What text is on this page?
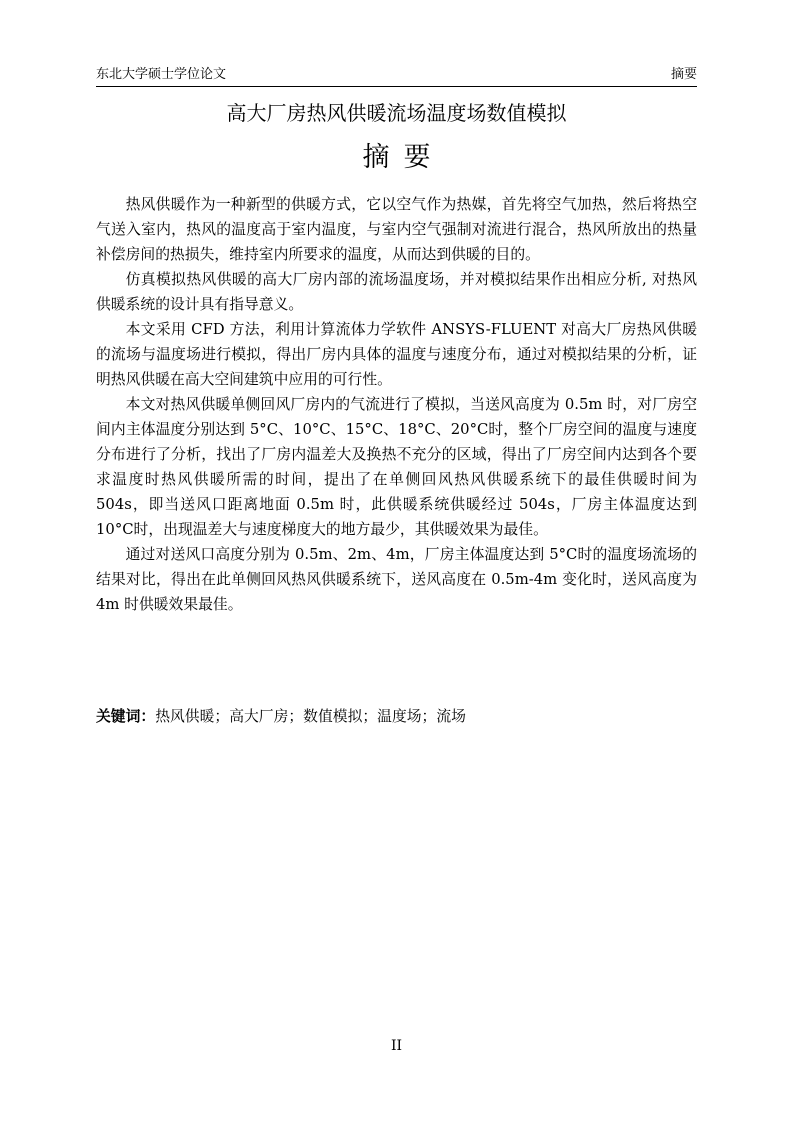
东北大学硕士学位论文	摘要
高大厂房热风供暖流场温度场数值模拟
摘要

热风供暖作为一种新型的供暖方式，它以空气作为热媒，首先将空气加热，然后将热空气送入室内，热风的温度高于室内温度，与室内空气强制对流进行混合，热风所放出的热量补偿房间的热损失，维持室内所要求的温度，从而达到供暖的目的。

仿真模拟热风供暖的高大厂房内部的流场温度场，并对模拟结果作出相应分析, 对热风供暖系统的设计具有指导意义。

本文采用 CFD 方法，利用计算流体力学软件 ANSYS-FLUENT 对高大厂房热风供暖的流场与温度场进行模拟，得出厂房内具体的温度与速度分布，通过对模拟结果的分析，证明热风供暖在高大空间建筑中应用的可行性。

本文对热风供暖单侧回风厂房内的气流进行了模拟，当送风高度为 0.5m 时，对厂房空间内主体温度分别达到 5°C、10°C、15°C、18°C、20°C时，整个厂房空间的温度与速度分布进行了分析，找出了厂房内温差大及换热不充分的区域，得出了厂房空间内达到各个要求温度时热风供暖所需的时间，提出了在单侧回风热风供暖系统下的最佳供暖时间为 504s，即当送风口距离地面 0.5m 时，此供暖系统供暖经过 504s，厂房主体温度达到 10°C时，出现温差大与速度梯度大的地方最少，其供暖效果为最佳。

通过对送风口高度分别为 0.5m、2m、4m，厂房主体温度达到 5°C时的温度场流场的结果对比，得出在此单侧回风热风供暖系统下，送风高度在 0.5m-4m 变化时，送风高度为 4m 时供暖效果最佳。

关键词：热风供暖；高大厂房；数值模拟；温度场；流场
II
